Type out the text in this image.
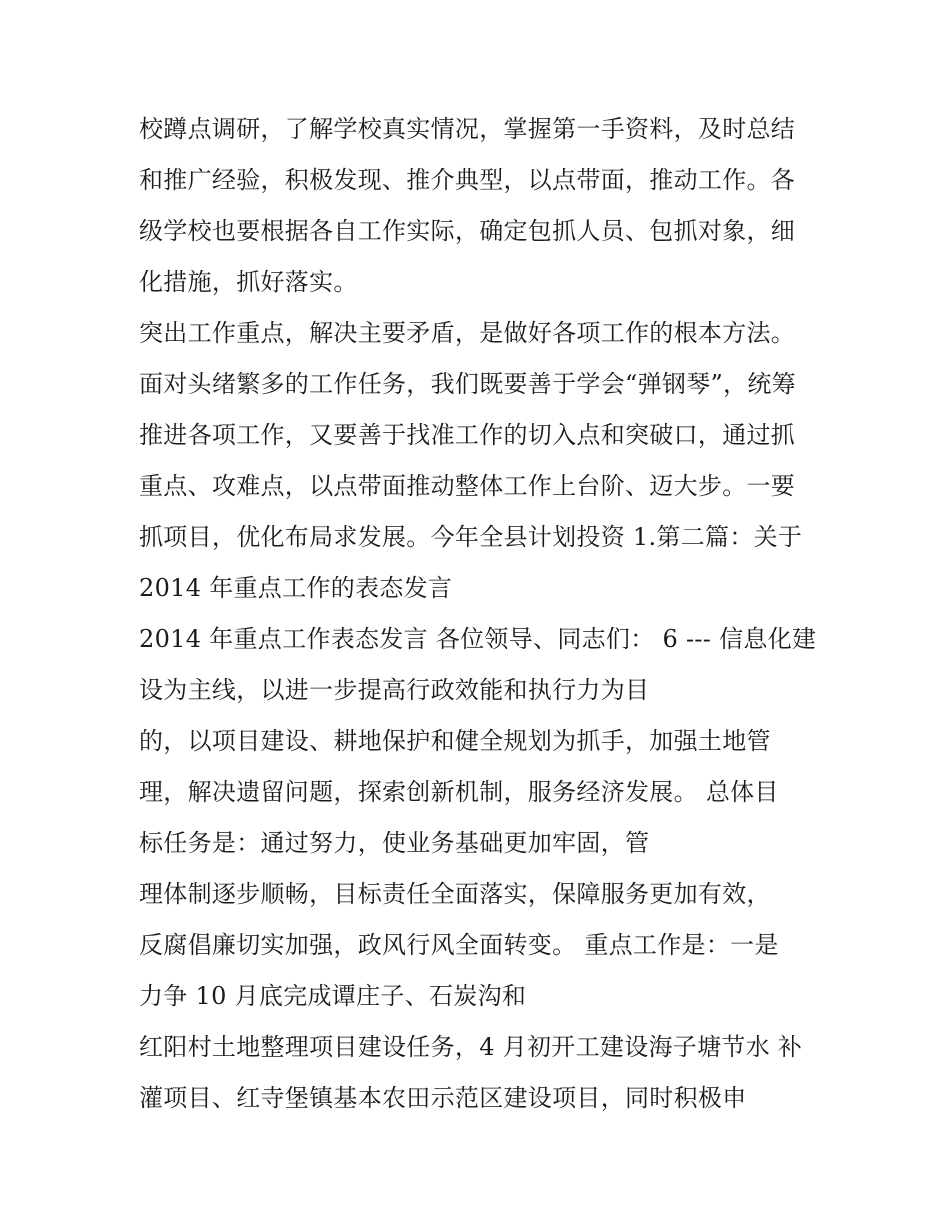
校蹲点调研，了解学校真实情况，掌握第一手资料，及时总结
和推广经验，积极发现、推介典型，以点带面，推动工作。各
级学校也要根据各自工作实际，确定包抓人员、包抓对象，细
化措施，抓好落实。
突出工作重点，解决主要矛盾，是做好各项工作的根本方法。
面对头绪繁多的工作任务，我们既要善于学会“弹钢琴”，统筹
推进各项工作，又要善于找准工作的切入点和突破口，通过抓
重点、攻难点，以点带面推动整体工作上台阶、迈大步。一要
抓项目，优化布局求发展。今年全县计划投资 1.第二篇：关于
2014 年重点工作的表态发言
2014 年重点工作表态发言 各位领导、同志们： 6 --- 信息化建
设为主线，以进一步提高行政效能和执行力为目
的，以项目建设、耕地保护和健全规划为抓手，加强土地管
理，解决遗留问题，探索创新机制，服务经济发展。 总体目
标任务是：通过努力，使业务基础更加牢固，管
理体制逐步顺畅，目标责任全面落实，保障服务更加有效，
反腐倡廉切实加强，政风行风全面转变。 重点工作是：一是
力争 10 月底完成谭庄子、石炭沟和
红阳村土地整理项目建设任务，4 月初开工建设海子塘节水 补
灌项目、红寺堡镇基本农田示范区建设项目，同时积极申
